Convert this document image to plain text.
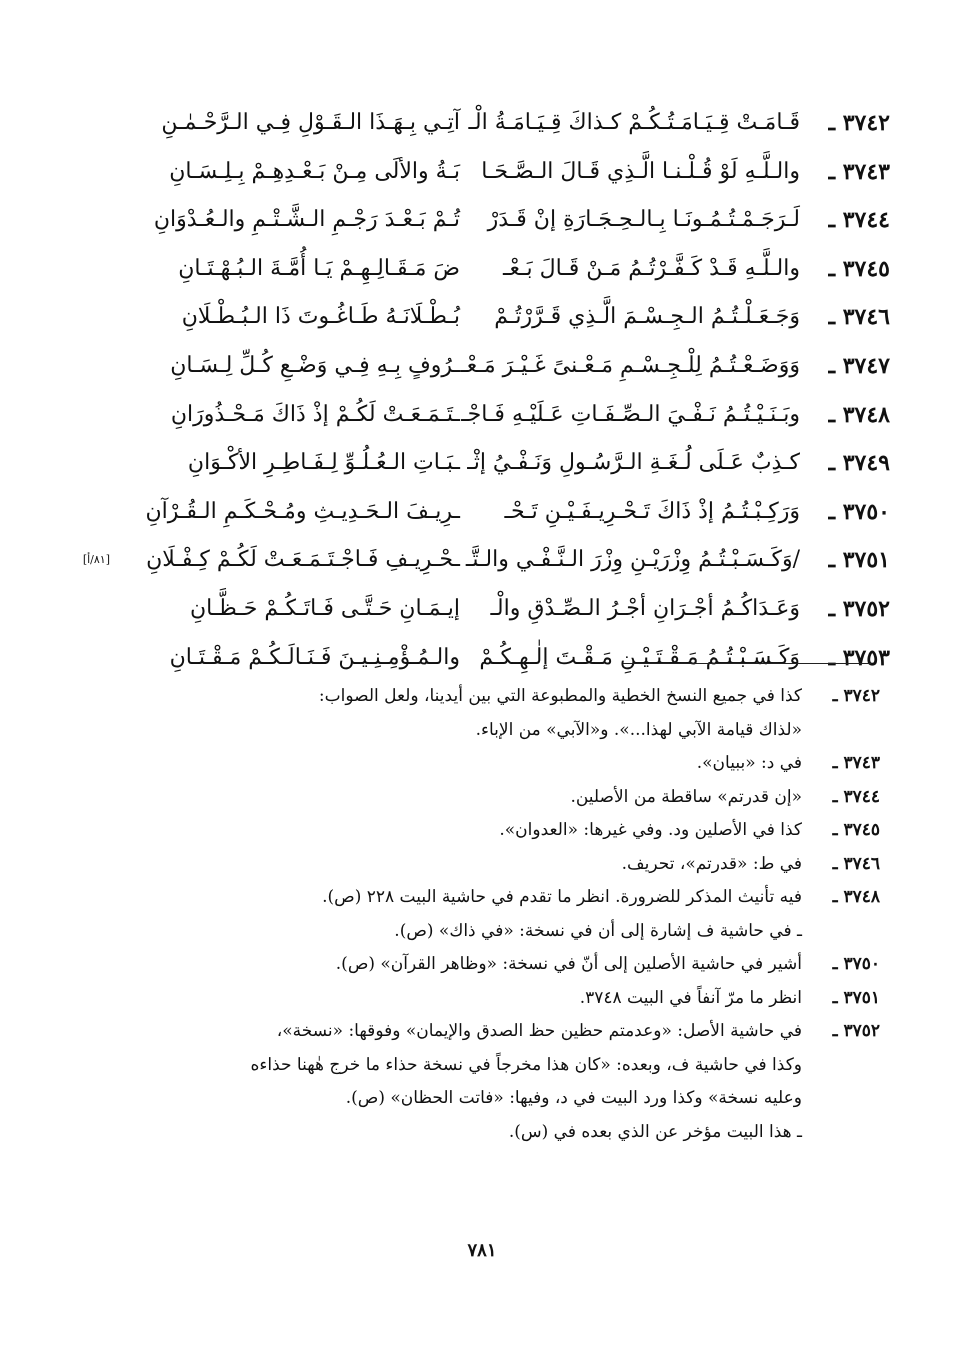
٣٧٤٢ ـ
قَـامَـتْ قِـيَـامَـتُـكُـمْ كـذاكَ قِـيَـامَـةُ الْـ
آتِـي بِـهَـذَا الـقَـوْلِ فِـي الـرَّحْـمٰـنِ
٣٧٤٣ ـ
والـلَّـهِ لَوْ قُـلْـنـا الَّـذِي قَـالَ الـصَّـحَـا
بَـةُ والألَى مِـنْ بَـعْـدِهِـمْ بِـلِـسَـانِ
٣٧٤٤ ـ
لَـرَجَـمْـتُـمُـونَـا بِـالـحِـجَـارَةِ إنْ قَـدَرْ
تُـمْ بَـعْـدَ رَجْـمِ الـشَّـتْـمِ والـعُـدْوَانِ
٣٧٤٥ ـ
والـلَّـهِ قَـدْ كَـفَّـرْتُـمُ مَـنْ قَـالَ بَـعْـ
ضَ مَـقَـالِـهِـمْ يَـا أُمَّـةَ الـبُـهْـتَـانِ
٣٧٤٦ ـ
وَجَـعَـلْـتُـمُ الـجِـسْـمَ الَّـذِي قَـرَّرْتُـمْ
بُـطْـلَانَـهُ طَـاغُـوتَ ذَا الـبُـطْـلَانِ
٣٧٤٧ ـ
وَوَضَـعْـتُـمُ لِلْـجِـسْـمِ مَـعْـنىً غَـيْـرَ مَـعْـ
ـرُوفٍ بِـهِ فِـي وَضْـعِ كُـلِّ لِـسَـانِ
٣٧٤٨ ـ
وبَـنَـيْـتُـمُ نَـفْـيَ الـصِّـفَـاتِ عَـلَيْـهِ فَـاجْـ
ـتَـمَـعَـتْ لَكُـمْ إذْ ذَاكَ مَـحْـذُورَانِ
٣٧٤٩ ـ
كـذِبٌ عَـلَى لُـغَـةِ الـرَّسُـولِ وَنَـفْـيُ إثْـ
ـبَـاتِ الـعُـلُـوِّ لِـفَـاطِـرِ الأكْـوَانِ
٣٧٥٠ ـ
وَرَكِـبْـتُـمُ إذْ ذَاكَ تَـحْـرِيـفَـيْـنِ تَـحْـ
ـرِيـفَ الـحَـدِيـثِ ومُـحْـكَـمِ الـقُـرْآنِ
٣٧٥١ ـ
/وَكَـسَـبْـتُـمُ وِزْرَيْـنِ وِزْرَ الـنَّـفْـي والـتَّـ
ـحْـرِيـفِ فَـاجْـتَـمَـعَـتْ لَكُـمْ كِـفْـلَانِ
[٨١/أ]
٣٧٥٢ ـ
وَعَـدَاكُـمُ أجْـرَانِ أجْـرُ الـصِّـدْقِ والْـ
إيـمَـانِ حَـتَّـى فَـاتَـكُـمْ حَـظَّـانِ
٣٧٥٣ ـ
وَكَـسَـبْـتُـمُ مَـقْـتَـيْـنِ مَـقْـتَ إلٰـهِـكُـمْ
والـمُـؤْمِـنِـيـنَ فَـنَـالَـكُـمْ مَـقْـتَـانِ
٣٧٤٢ ـ
كذا في جميع النسخ الخطية والمطبوعة التي بين أيدينا، ولعل الصواب:
«لذاك قيامة الآبي لهذا...». و«الآبي» من الإباء.
٣٧٤٣ ـ
في د: «ببيان».
٣٧٤٤ ـ
«إن قدرتم» ساقطة من الأصلين.
٣٧٤٥ ـ
كذا في الأصلين ود. وفي غيرها: «العدوان».
٣٧٤٦ ـ
في ط: «قدرتم»، تحريف.
٣٧٤٨ ـ
فيه تأنيث المذكر للضرورة. انظر ما تقدم في حاشية البيت ٢٢٨ (ص).
ـ في حاشية ف إشارة إلى أن في نسخة: «في ذاك» (ص).
٣٧٥٠ ـ
أشير في حاشية الأصلين إلى أنّ في نسخة: «وظاهر القرآن» (ص).
٣٧٥١ ـ
انظر ما مرّ آنفاً في البيت ٣٧٤٨.
٣٧٥٢ ـ
في حاشية الأصل: «وعدمتم حظين حظ الصدق والإيمان» وفوقها: «نسخة»،
وكذا في حاشية ف، وبعده: «كان هذا مخرجاً في نسخة حذاء ما خرج هٰهنا حذاءه
وعليه نسخة» وكذا ورد البيت في د، وفيها: «فاتت الحظان» (ص).
ـ هذا البيت مؤخر عن الذي بعده في (س).
٧٨١
